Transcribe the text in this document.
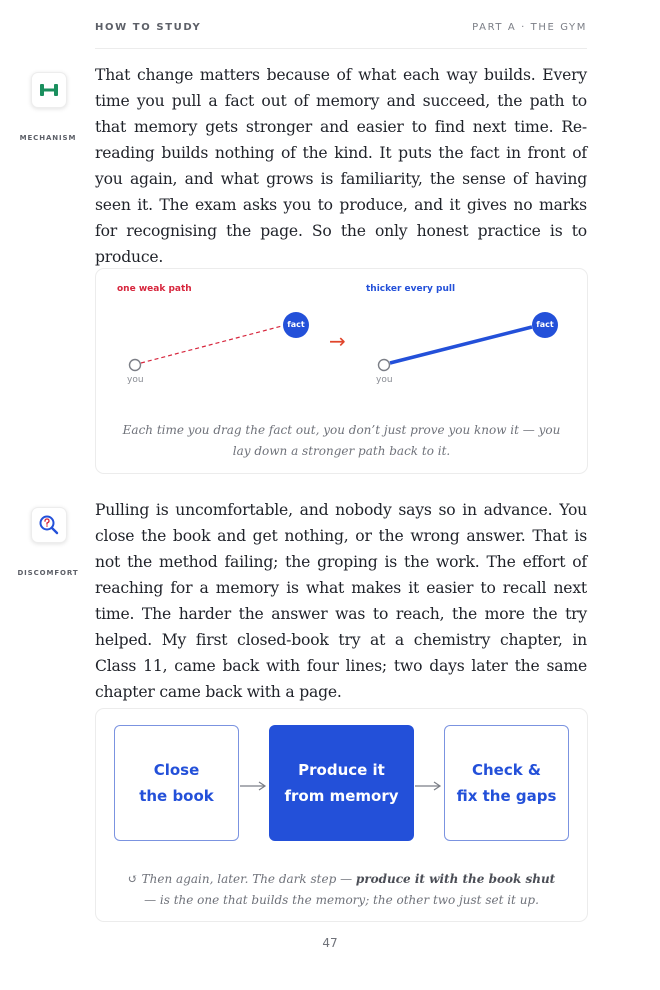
HOW TO STUDY	PART A · THE GYM
MECHANISM

That change matters because of what each way builds. Every time you pull a fact out of memory and succeed, the path to that memory gets stronger and easier to find next time. Re-reading builds nothing of the kind. It puts the fact in front of you again, and what grows is familiarity, the sense of having seen it. The exam asks you to produce, and it gives no marks for recognising the page. So the only honest practice is to produce.

one weak path	thicker every pull
you	you
fact	fact
→
Each time you drag the fact out, you don’t just prove you know it — you lay down a stronger path back to it.
DISCOMFORT

Pulling is uncomfortable, and nobody says so in advance. You close the book and get nothing, or the wrong answer. That is not the method failing; the groping is the work. The effort of reaching for a memory is what makes it easier to recall next time. The harder the answer was to reach, the more the try helped. My first closed-book try at a chemistry chapter, in Class 11, came back with four lines; two days later the same chapter came back with a page.

Close
the book
Produce it
from memory
Check &
fix the gaps
↺ Then again, later. The dark step — produce it with the book shut — is the one that builds the memory; the other two just set it up.
47
